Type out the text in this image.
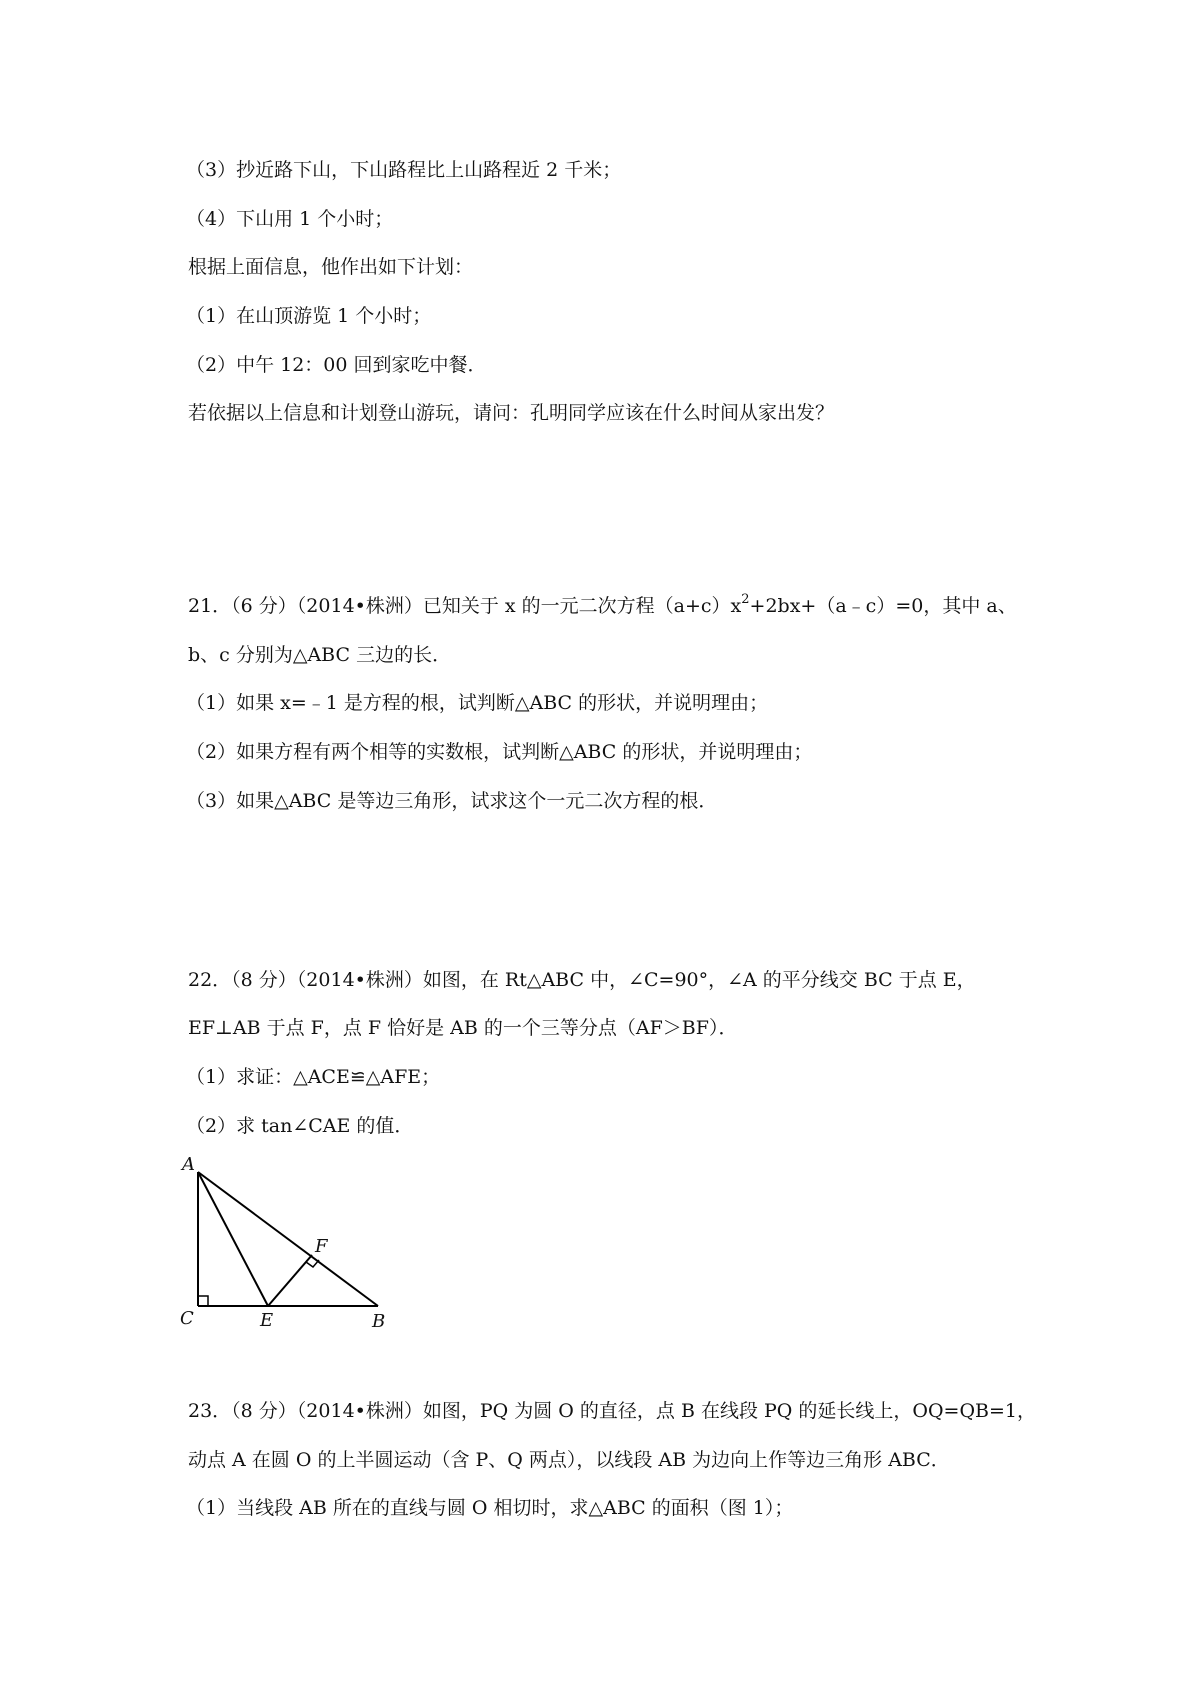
（3）抄近路下山，下山路程比上山路程近 2 千米；

（4）下山用 1 个小时；

根据上面信息，他作出如下计划：

（1）在山顶游览 1 个小时；

（2）中午 12：00 回到家吃中餐．

若依据以上信息和计划登山游玩，请问：孔明同学应该在什么时间从家出发？

21．（6 分）（2014•株洲）已知关于 x 的一元二次方程$(a+c)x^2+2bx+(a﹣c)=0$，其中 a、

b、c 分别为△ABC 三边的长．

（1）如果 x=﹣1 是方程的根，试判断△ABC 的形状，并说明理由；

（2）如果方程有两个相等的实数根，试判断△ABC 的形状，并说明理由；

（3）如果△ABC 是等边三角形，试求这个一元二次方程的根．

22．（8 分）（2014•株洲）如图，在 Rt△ABC 中，∠C=90°，∠A 的平分线交 BC 于点 E，

EF⊥AB 于点 F，点 F 恰好是 AB 的一个三等分点（AF＞BF）．

（1）求证：△ACE≌△AFE；

（2）求 tan∠CAE 的值．

A
C	E	B
F

23．（8 分）（2014•株洲）如图，PQ 为圆 O 的直径，点 B 在线段 PQ 的延长线上，OQ=QB=1，

动点 A 在圆 O 的上半圆运动（含 P、Q 两点），以线段 AB 为边向上作等边三角形 ABC．

（1）当线段 AB 所在的直线与圆 O 相切时，求△ABC 的面积（图 1）；
